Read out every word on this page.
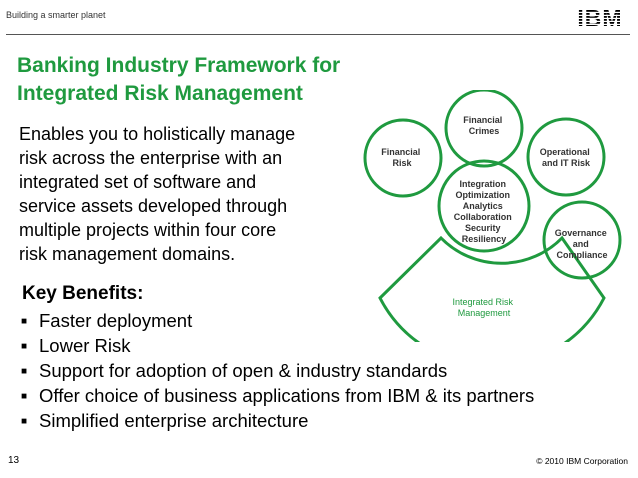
Building a smarter planet	IBM
Banking Industry Framework for
Integrated Risk Management
Enables you to holistically manage
risk across the enterprise with an
integrated set of software and
service assets developed through
multiple projects within four core
risk management domains.
Financial Crimes
Financial Risk
Operational and IT Risk
Governance and Compliance
Integration Optimization Analytics Collaboration Security Resiliency
Integrated Risk Management
Key Benefits:
■ Faster deployment
■ Lower Risk
■ Support for adoption of open & industry standards
■ Offer choice of business applications from IBM & its partners
■ Simplified enterprise architecture
13	© 2010 IBM Corporation
